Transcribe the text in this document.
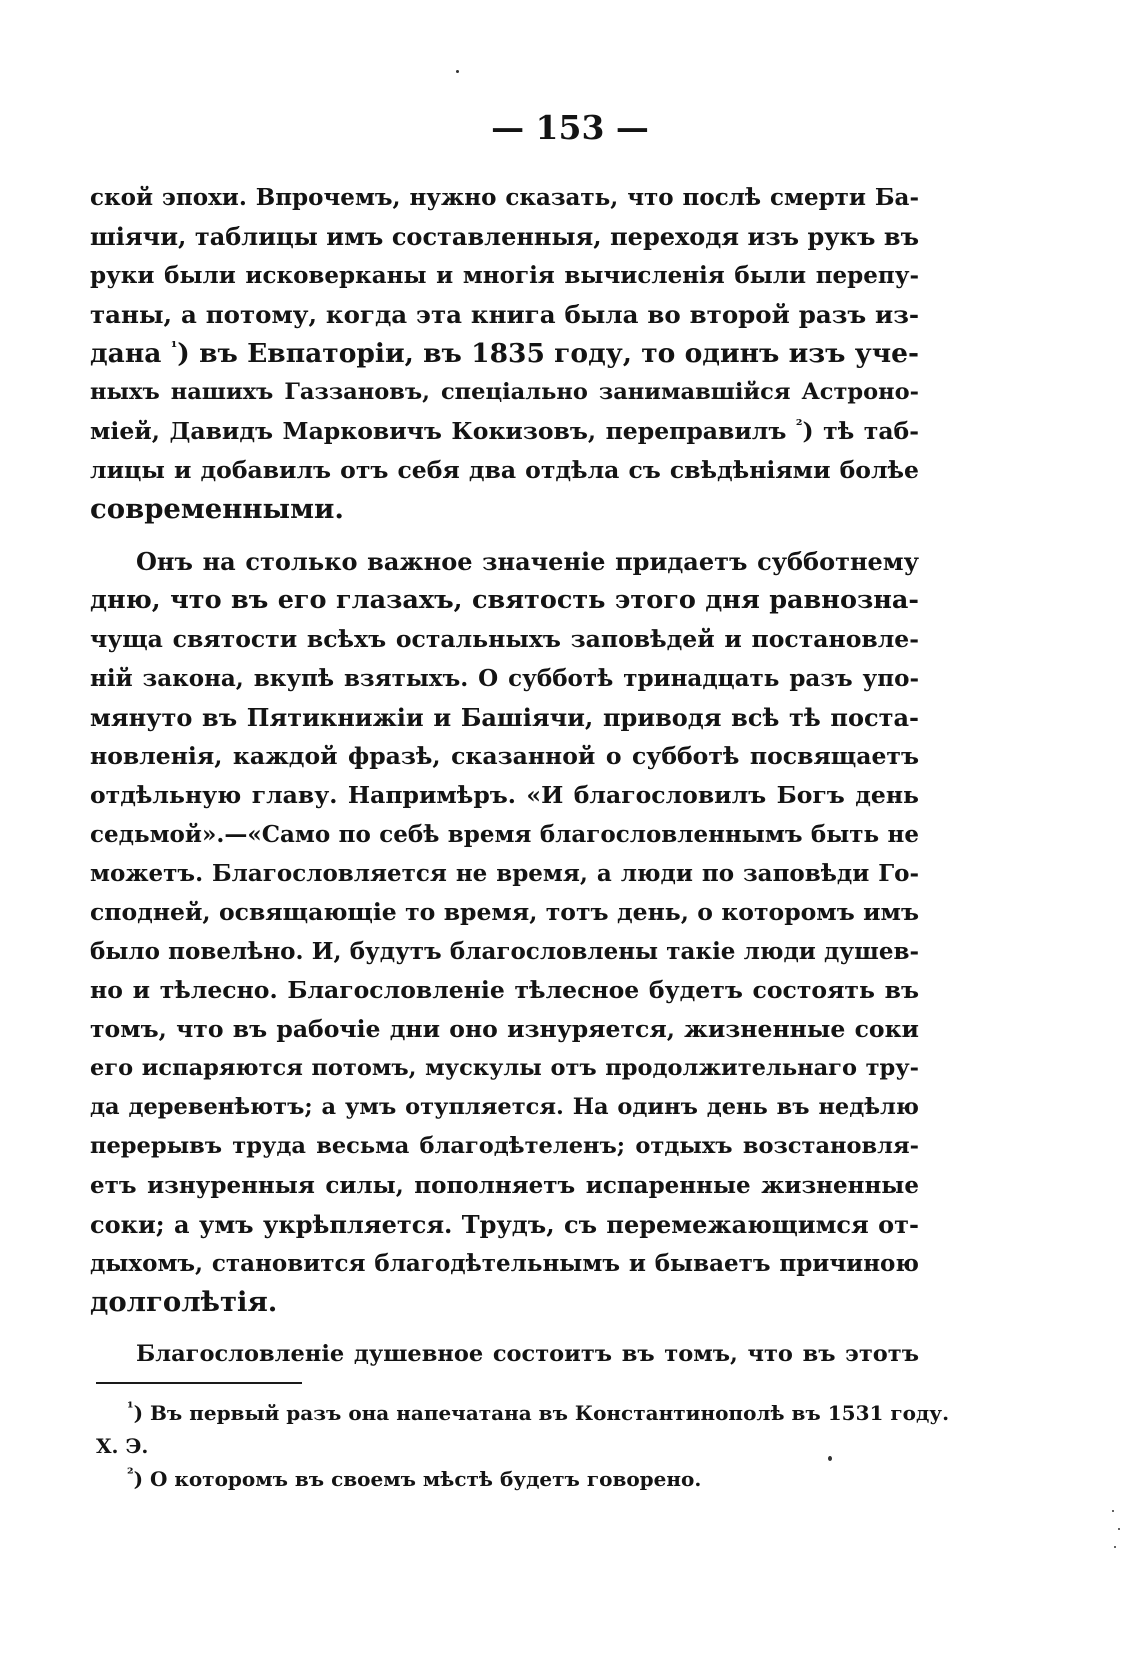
— 153 —
ской эпохи. Впрочемъ, нужно сказать, что послѣ смерти Ба-
шіячи, таблицы имъ составленныя, переходя изъ рукъ въ
руки были исковерканы и многія вычисленія были перепу-
таны, а потому, когда эта книга была во второй разъ из-
дана $^{^1}$) въ Евпаторіи, въ 1835 году, то одинъ изъ уче-
ныхъ нашихъ Газзановъ, спеціально занимавшійся Астроно-
міей, Давидъ Марковичъ Кокизовъ, переправилъ $^{^2}$) тѣ таб-
лицы и добавилъ отъ себя два отдѣла съ свѣдѣніями болѣе
современными.
Онъ на столько важное значеніе придаетъ субботнему
дню, что въ его глазахъ, святость этого дня равнозна-
чуща святости всѣхъ остальныхъ заповѣдей и постановле-
ній закона, вкупѣ взятыхъ. О субботѣ тринадцать разъ упо-
мянуто въ Пятикнижіи и Башіячи, приводя всѣ тѣ поста-
новленія, каждой фразѣ, сказанной о субботѣ посвящаетъ
отдѣльную главу. Напримѣръ. «И благословилъ Богъ день
седьмой».—«Само по себѣ время благословленнымъ быть не
можетъ. Благословляется не время, а люди по заповѣди Го-
сподней, освящающіе то время, тотъ день, о которомъ имъ
было повелѣно. И, будутъ благословлены такіе люди душев-
но и тѣлесно. Благословленіе тѣлесное будетъ состоять въ
томъ, что въ рабочіе дни оно изнуряется, жизненные соки
его испаряются потомъ, мускулы отъ продолжительнаго тру-
да деревенѣютъ; а умъ отупляется. На одинъ день въ недѣлю
перерывъ труда весьма благодѣтеленъ; отдыхъ возстановля-
етъ изнуренныя силы, пополняетъ испаренные жизненные
соки; а умъ укрѣпляется. Трудъ, съ перемежающимся от-
дыхомъ, становится благодѣтельнымъ и бываетъ причиною
долголѣтія.
Благословленіе душевное состоитъ въ томъ, что въ этотъ
$^{^1}$) Въ первый разъ она напечатана въ Константинополѣ въ 1531 году.
Х. Э.
$^{^2}$) О которомъ въ своемъ мѣстѣ будетъ говорено.
